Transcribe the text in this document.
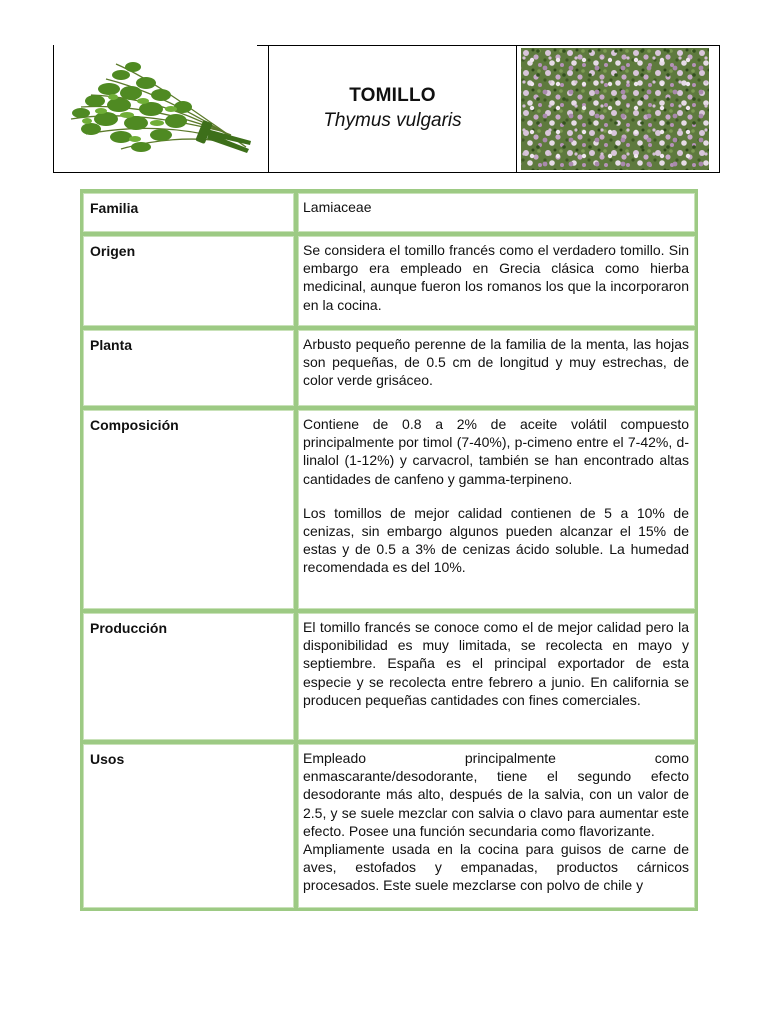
TOMILLO
Thymus vulgaris
Familia	Lamiaceae

Origen	Se considera el tomillo francés como el verdadero tomillo. Sin embargo era empleado en Grecia clásica como hierba medicinal, aunque fueron los romanos los que la incorporaron en la cocina.

Planta	Arbusto pequeño perenne de la familia de la menta, las hojas son pequeñas, de 0.5 cm de longitud y muy estrechas, de color verde grisáceo.

Composición	Contiene de 0.8 a 2% de aceite volátil compuesto principalmente por timol (7-40%), p-cimeno entre el 7-42%, d-linalol (1-12%) y carvacrol, también se han encontrado altas cantidades de canfeno y gamma-terpineno.

Los tomillos de mejor calidad contienen de 5 a 10% de cenizas, sin embargo algunos pueden alcanzar el 15% de estas y de 0.5 a 3% de cenizas ácido soluble. La humedad recomendada es del 10%.

Producción	El tomillo francés se conoce como el de mejor calidad pero la disponibilidad es muy limitada, se recolecta en mayo y septiembre. España es el principal exportador de esta especie y se recolecta entre febrero a junio. En california se producen pequeñas cantidades con fines comerciales.

Usos	Empleado principalmente como

enmascarante/desodorante, tiene el segundo efecto desodorante más alto, después de la salvia, con un valor de 2.5, y se suele mezclar con salvia o clavo para aumentar este efecto. Posee una función secundaria como flavorizante.

Ampliamente usada en la cocina para guisos de carne de aves, estofados y empanadas, productos cárnicos procesados. Este suele mezclarse con polvo de chile y
